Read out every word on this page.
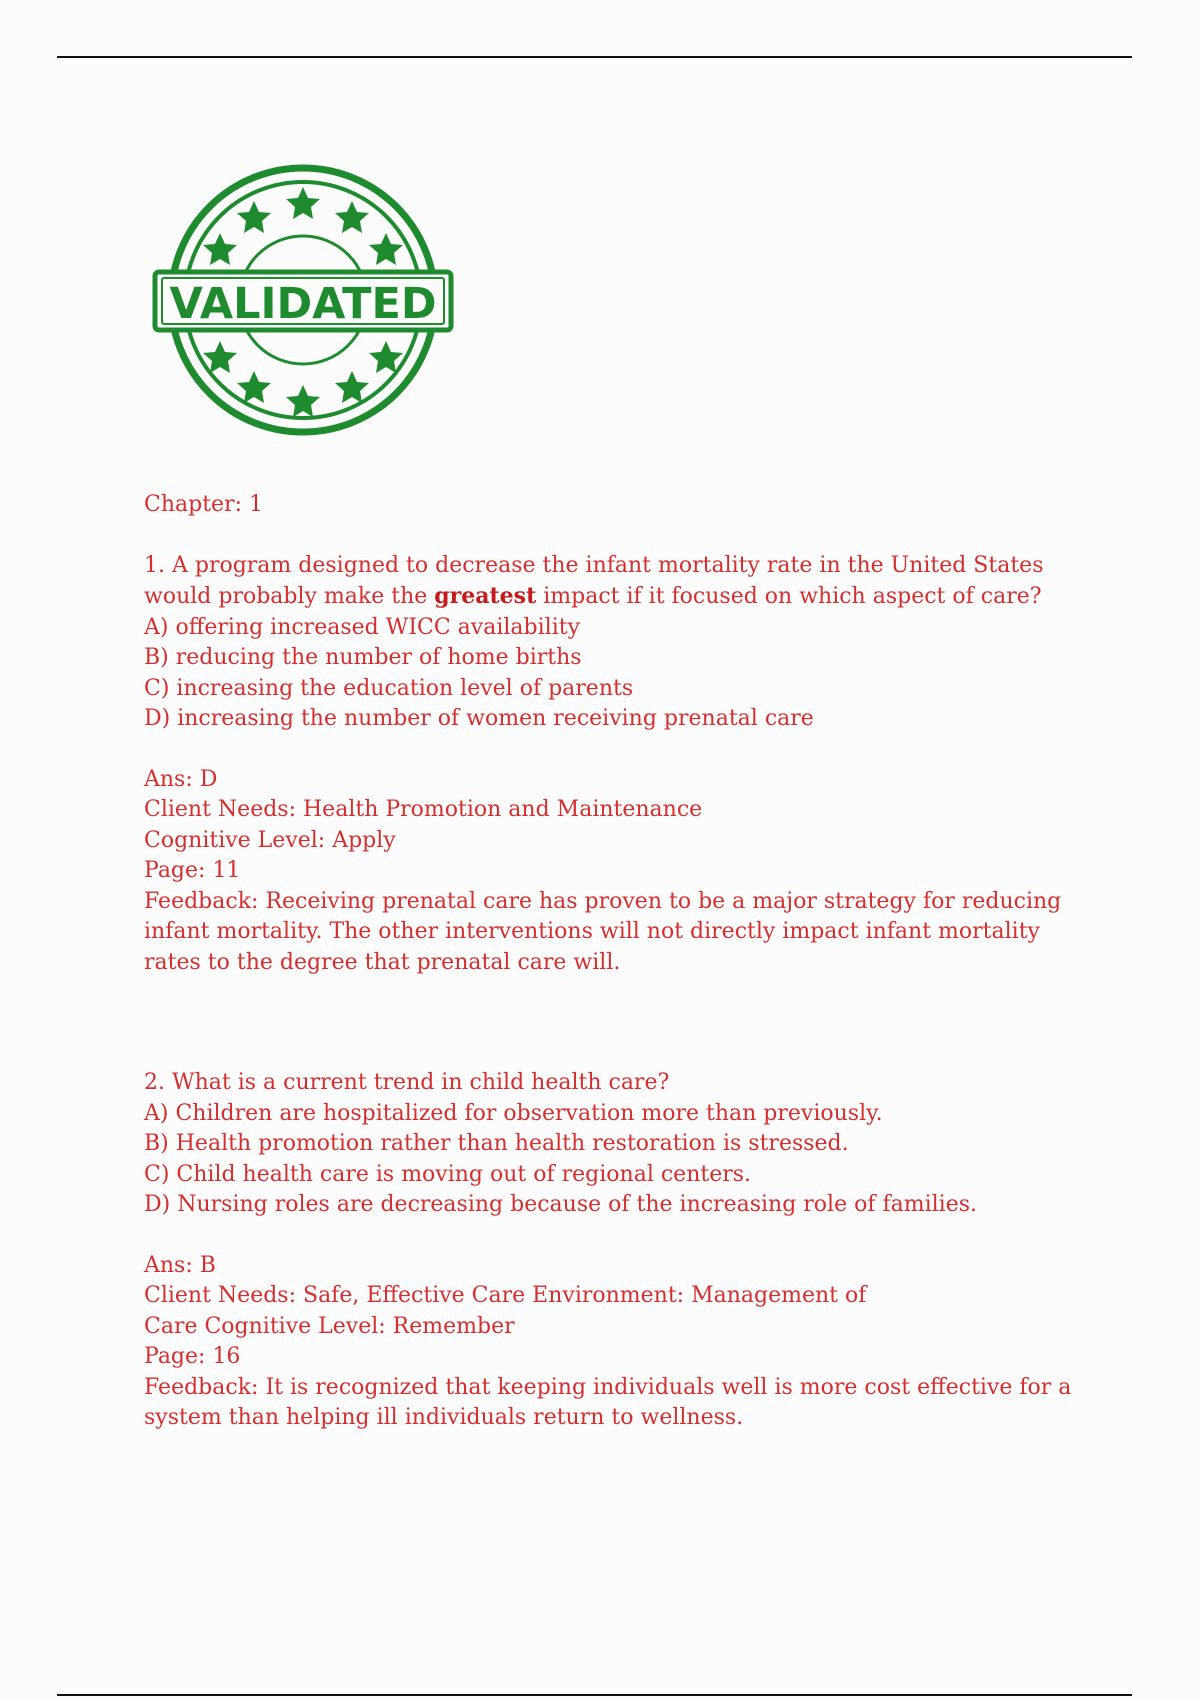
VALIDATED

Chapter: 1

1. A program designed to decrease the infant mortality rate in the United States would probably make the greatest impact if it focused on which aspect of care?

A) offering increased WICC availability

B) reducing the number of home births

C) increasing the education level of parents

D) increasing the number of women receiving prenatal care

Ans: D

Client Needs: Health Promotion and Maintenance

Cognitive Level: Apply

Page: 11

Feedback: Receiving prenatal care has proven to be a major strategy for reducing infant mortality. The other interventions will not directly impact infant mortality rates to the degree that prenatal care will.

2. What is a current trend in child health care?

A) Children are hospitalized for observation more than previously.

B) Health promotion rather than health restoration is stressed.

C) Child health care is moving out of regional centers.

D) Nursing roles are decreasing because of the increasing role of families.

Ans: B

Client Needs: Safe, Effective Care Environment: Management of

Care Cognitive Level: Remember

Page: 16

Feedback: It is recognized that keeping individuals well is more cost effective for a system than helping ill individuals return to wellness.
